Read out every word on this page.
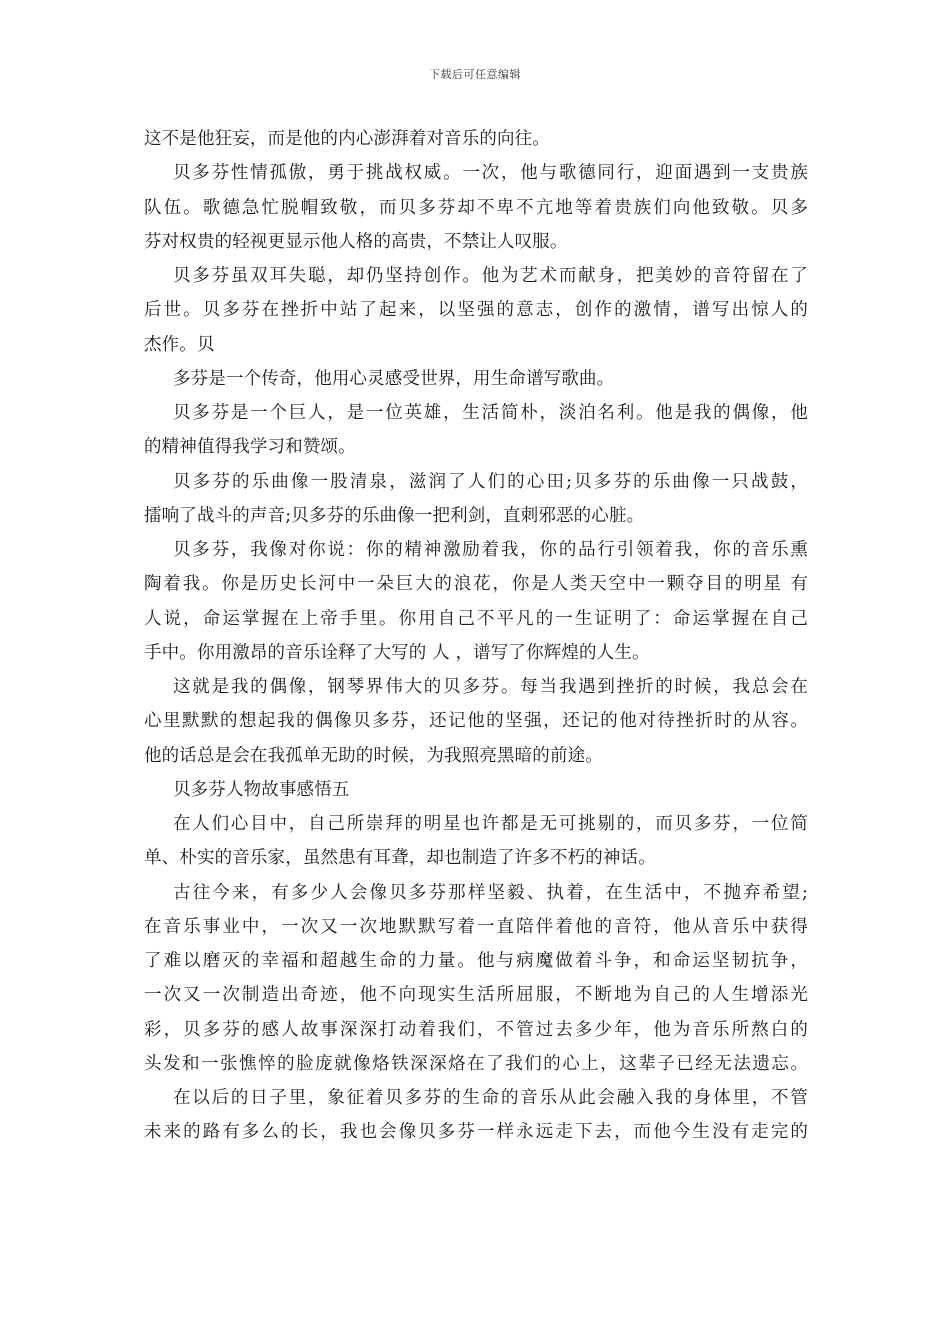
下载后可任意编辑
这不是他狂妄，而是他的内心澎湃着对音乐的向往。
贝多芬性情孤傲，勇于挑战权威。一次，他与歌德同行，迎面遇到一支贵族
队伍。歌德急忙脱帽致敬，而贝多芬却不卑不亢地等着贵族们向他致敬。贝多
芬对权贵的轻视更显示他人格的高贵，不禁让人叹服。
贝多芬虽双耳失聪，却仍坚持创作。他为艺术而献身，把美妙的音符留在了
后世。贝多芬在挫折中站了起来，以坚强的意志，创作的激情，谱写出惊人的
杰作。贝
多芬是一个传奇，他用心灵感受世界，用生命谱写歌曲。
贝多芬是一个巨人，是一位英雄，生活简朴，淡泊名利。他是我的偶像，他
的精神值得我学习和赞颂。
贝多芬的乐曲像一股清泉，滋润了人们的心田;贝多芬的乐曲像一只战鼓，
擂响了战斗的声音;贝多芬的乐曲像一把利剑，直刺邪恶的心脏。
贝多芬，我像对你说：你的精神激励着我，你的品行引领着我，你的音乐熏
陶着我。你是历史长河中一朵巨大的浪花，你是人类天空中一颗夺目的明星 有
人说，命运掌握在上帝手里。你用自己不平凡的一生证明了：命运掌握在自己
手中。你用激昂的音乐诠释了大写的 人 ，谱写了你辉煌的人生。
这就是我的偶像，钢琴界伟大的贝多芬。每当我遇到挫折的时候，我总会在
心里默默的想起我的偶像贝多芬，还记他的坚强，还记的他对待挫折时的从容。
他的话总是会在我孤单无助的时候，为我照亮黑暗的前途。
贝多芬人物故事感悟五
在人们心目中，自己所崇拜的明星也许都是无可挑剔的，而贝多芬，一位简
单、朴实的音乐家，虽然患有耳聋，却也制造了许多不朽的神话。
古往今来，有多少人会像贝多芬那样坚毅、执着，在生活中，不抛弃希望;
在音乐事业中，一次又一次地默默写着一直陪伴着他的音符，他从音乐中获得
了难以磨灭的幸福和超越生命的力量。他与病魔做着斗争，和命运坚韧抗争，
一次又一次制造出奇迹，他不向现实生活所屈服，不断地为自己的人生增添光
彩，贝多芬的感人故事深深打动着我们，不管过去多少年，他为音乐所熬白的
头发和一张憔悴的脸庞就像烙铁深深烙在了我们的心上，这辈子已经无法遗忘。
在以后的日子里，象征着贝多芬的生命的音乐从此会融入我的身体里，不管
未来的路有多么的长，我也会像贝多芬一样永远走下去，而他今生没有走完的
